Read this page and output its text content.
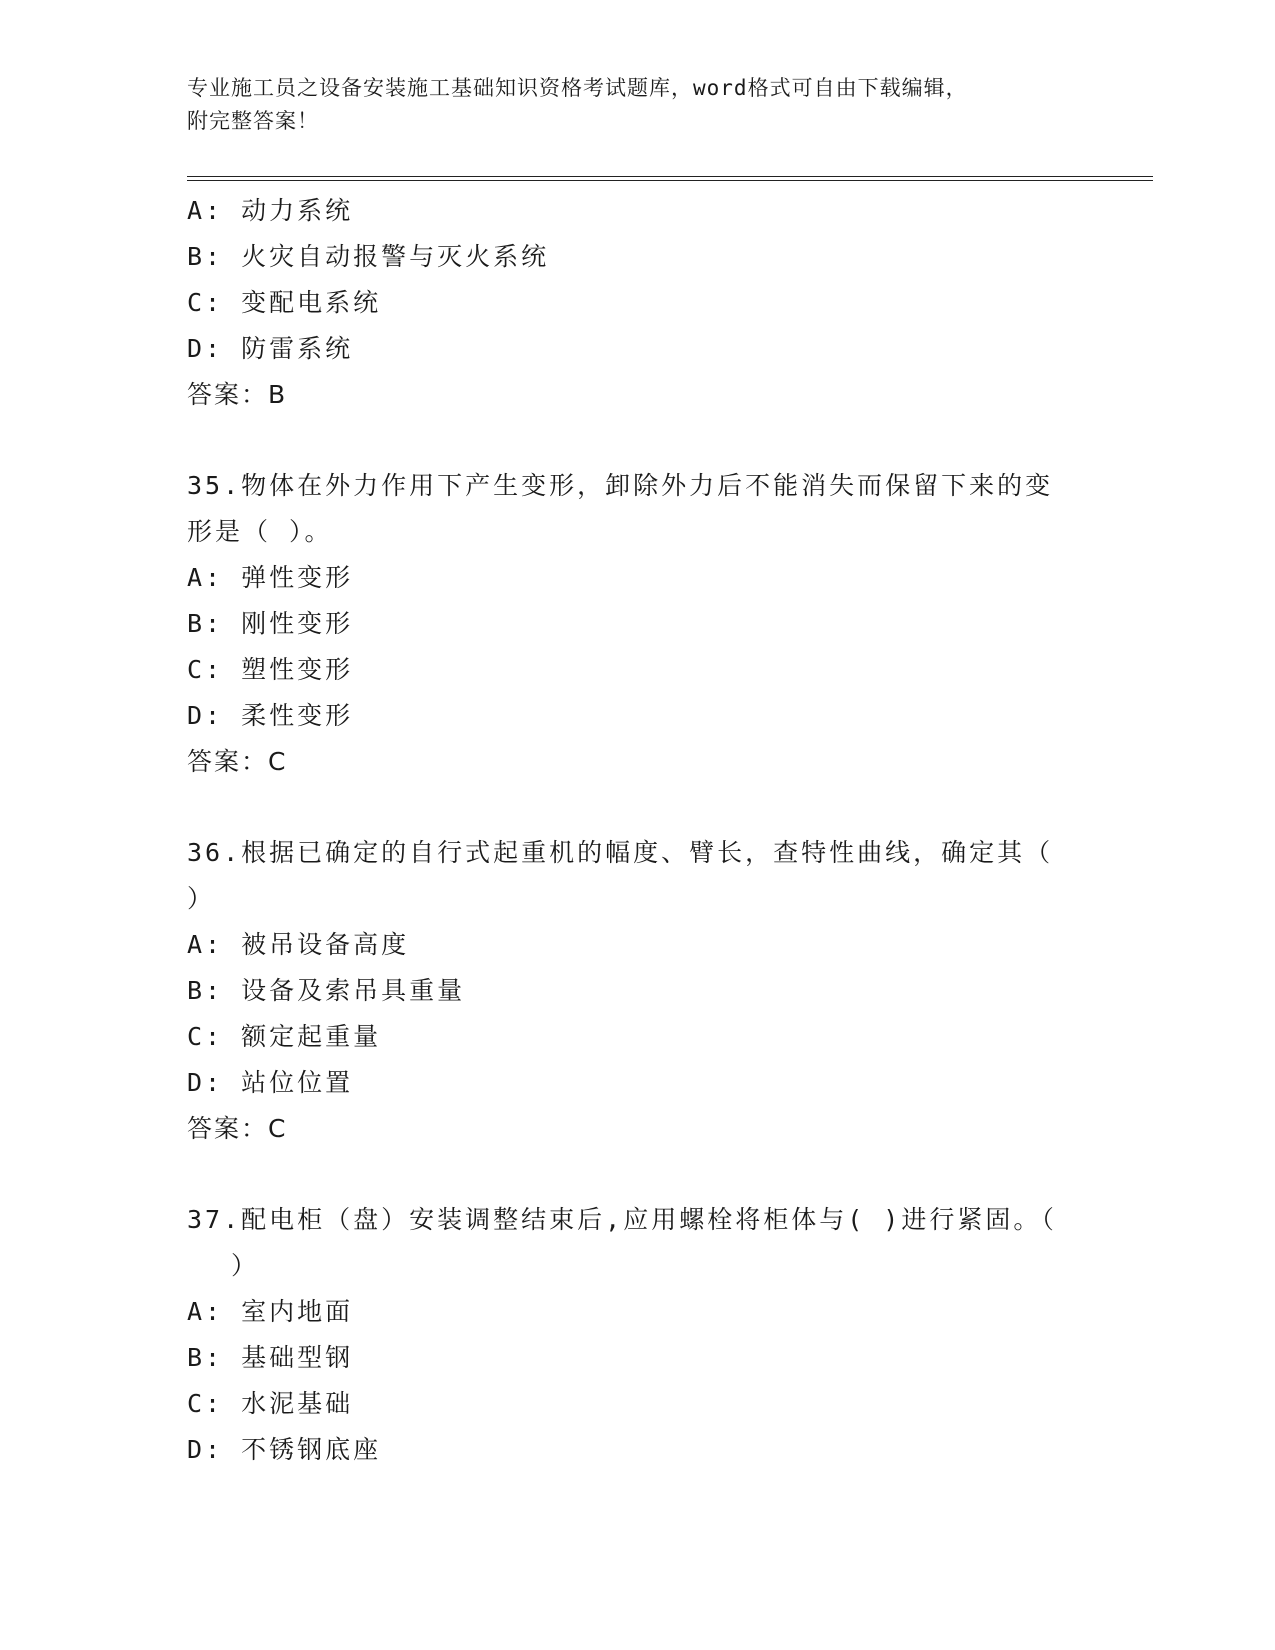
专业施工员之设备安装施工基础知识资格考试题库，word格式可自由下载编辑，
附完整答案！
A: 动力系统
B: 火灾自动报警与灭火系统
C: 变配电系统
D: 防雷系统
答案：B
35.物体在外力作用下产生变形，卸除外力后不能消失而保留下来的变
形是（ ）。
A: 弹性变形
B: 刚性变形
C: 塑性变形
D: 柔性变形
答案：C
36.根据已确定的自行式起重机的幅度、臂长，查特性曲线，确定其（
）
A: 被吊设备高度
B: 设备及索吊具重量
C: 额定起重量
D: 站位位置
答案：C
37.配电柜（盘）安装调整结束后,应用螺栓将柜体与( )进行紧固。（
）
A: 室内地面
B: 基础型钢
C: 水泥基础
D: 不锈钢底座
